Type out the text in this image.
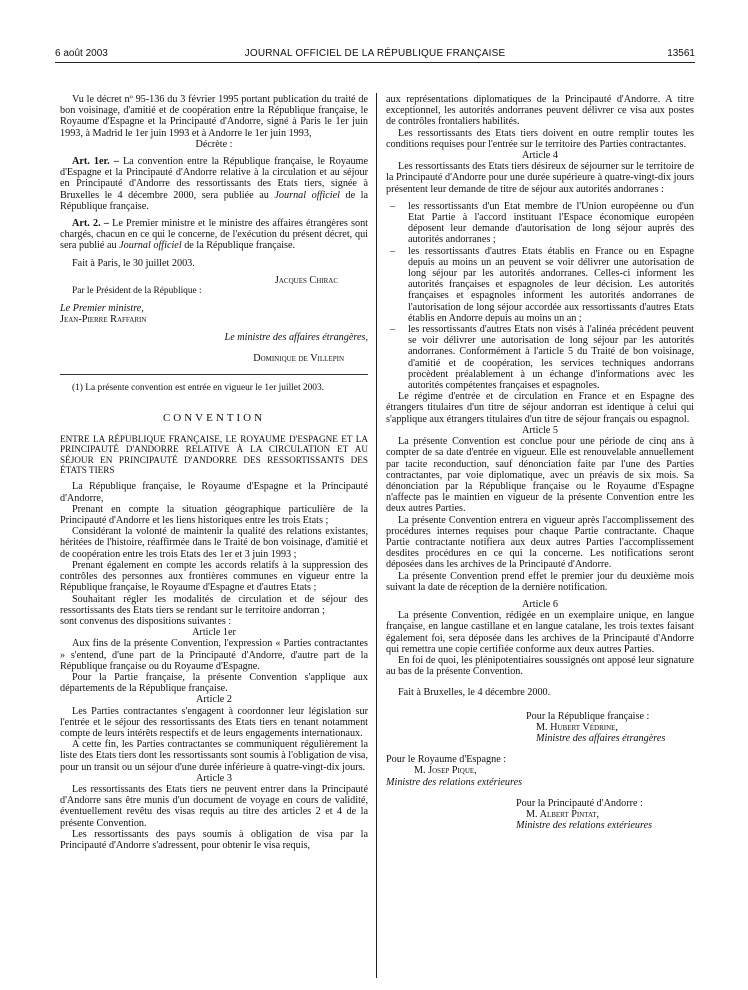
6 août 2003	JOURNAL OFFICIEL DE LA RÉPUBLIQUE FRANÇAISE	13561

Vu le décret nº 95-136 du 3 février 1995 portant publication du traité de bon voisinage, d'amitié et de coopération entre la République française, le Royaume d'Espagne et la Principauté d'Andorre, signé à Paris le 1er juin 1993, à Madrid le 1er juin 1993 et à Andorre le 1er juin 1993,

Décrète :

Art. 1er. – La convention entre la République française, le Royaume d'Espagne et la Principauté d'Andorre relative à la circulation et au séjour en Principauté d'Andorre des ressortissants des Etats tiers, signée à Bruxelles le 4 décembre 2000, sera publiée au Journal officiel de la République française.

Art. 2. – Le Premier ministre et le ministre des affaires étrangères sont chargés, chacun en ce qui le concerne, de l'exécution du présent décret, qui sera publié au Journal officiel de la République française.

Fait à Paris, le 30 juillet 2003.

Jacques Chirac

Par le Président de la République :

Le Premier ministre,

Jean-Pierre Raffarin

Le ministre des affaires étrangères,

Dominique de Villepin

(1) La présente convention est entrée en vigueur le 1er juillet 2003.

CONVENTION

ENTRE LA RÉPUBLIQUE FRANÇAISE, LE ROYAUME D'ESPAGNE ET LA PRINCIPAUTÉ D'ANDORRE RELATIVE À LA CIRCULATION ET AU SÉJOUR EN PRINCIPAUTÉ D'ANDORRE DES RESSORTISSANTS DES ÉTATS TIERS

La République française, le Royaume d'Espagne et la Principauté d'Andorre,

Prenant en compte la situation géographique particulière de la Principauté d'Andorre et les liens historiques entre les trois Etats ;

Considérant la volonté de maintenir la qualité des relations existantes, héritées de l'histoire, réaffirmée dans le Traité de bon voisinage, d'amitié et de coopération entre les trois Etats des 1er et 3 juin 1993 ;

Prenant également en compte les accords relatifs à la suppression des contrôles des personnes aux frontières communes en vigueur entre la République française, le Royaume d'Espagne et d'autres Etats ;

Souhaitant régler les modalités de circulation et de séjour des ressortissants des Etats tiers se rendant sur le territoire andorran ;

sont convenus des dispositions suivantes :

Article 1er

Aux fins de la présente Convention, l'expression « Parties contractantes » s'entend, d'une part de la Principauté d'Andorre, d'autre part de la République française ou du Royaume d'Espagne.

Pour la Partie française, la présente Convention s'applique aux départements de la République française.

Article 2

Les Parties contractantes s'engagent à coordonner leur législation sur l'entrée et le séjour des ressortissants des Etats tiers en tenant notamment compte de leurs intérêts respectifs et de leurs engagements internationaux.

A cette fin, les Parties contractantes se communiquent régulièrement la liste des Etats tiers dont les ressortissants sont soumis à l'obligation de visa, pour un transit ou un séjour d'une durée inférieure à quatre-vingt-dix jours.

Article 3

Les ressortissants des Etats tiers ne peuvent entrer dans la Principauté d'Andorre sans être munis d'un document de voyage en cours de validité, éventuellement revêtu des visas requis au titre des articles 2 et 4 de la présente Convention.

Les ressortissants des pays soumis à obligation de visa par la Principauté d'Andorre s'adressent, pour obtenir le visa requis,

aux représentations diplomatiques de la Principauté d'Andorre. A titre exceptionnel, les autorités andorranes peuvent délivrer ce visa aux postes de contrôles frontaliers habilités.

Les ressortissants des Etats tiers doivent en outre remplir toutes les conditions requises pour l'entrée sur le territoire des Parties contractantes.

Article 4

Les ressortissants des Etats tiers désireux de séjourner sur le territoire de la Principauté d'Andorre pour une durée supérieure à quatre-vingt-dix jours présentent leur demande de titre de séjour aux autorités andorranes :

– les ressortissants d'un Etat membre de l'Union européenne ou d'un Etat Partie à l'accord instituant l'Espace économique européen déposent leur demande d'autorisation de long séjour auprès des autorités andorranes ;
– les ressortissants d'autres Etats établis en France ou en Espagne depuis au moins un an peuvent se voir délivrer une autorisation de long séjour par les autorités andorranes. Celles-ci informent les autorités françaises et espagnoles de leur décision. Les autorités françaises et espagnoles informent les autorités andorranes de l'autorisation de long séjour accordée aux ressortissants d'autres Etats établis en Andorre depuis au moins un an ;
– les ressortissants d'autres Etats non visés à l'alinéa précédent peuvent se voir délivrer une autorisation de long séjour par les autorités andorranes. Conformément à l'article 5 du Traité de bon voisinage, d'amitié et de coopération, les services techniques andorrans procèdent préalablement à un échange d'informations avec les autorités compétentes françaises et espagnoles.

Le régime d'entrée et de circulation en France et en Espagne des étrangers titulaires d'un titre de séjour andorran est identique à celui qui s'applique aux étrangers titulaires d'un titre de séjour français ou espagnol.

Article 5

La présente Convention est conclue pour une période de cinq ans à compter de sa date d'entrée en vigueur. Elle est renouvelable annuellement par tacite reconduction, sauf dénonciation faite par l'une des Parties contractantes, par voie diplomatique, avec un préavis de six mois. Sa dénonciation par la République française ou le Royaume d'Espagne n'affecte pas le maintien en vigueur de la présente Convention entre les deux autres Parties.

La présente Convention entrera en vigueur après l'accomplissement des procédures internes requises pour chaque Partie contractante. Chaque Partie contractante notifiera aux deux autres Parties l'accomplissement desdites procédures en ce qui la concerne. Les notifications seront déposées dans les archives de la Principauté d'Andorre.

La présente Convention prend effet le premier jour du deuxième mois suivant la date de réception de la dernière notification.

Article 6

La présente Convention, rédigée en un exemplaire unique, en langue française, en langue castillane et en langue catalane, les trois textes faisant également foi, sera déposée dans les archives de la Principauté d'Andorre qui remettra une copie certifiée conforme aux deux autres Parties.

En foi de quoi, les plénipotentiaires soussignés ont apposé leur signature au bas de la présente Convention.

Fait à Bruxelles, le 4 décembre 2000.

Pour la République française :

M. Hubert Védrine,

Ministre des affaires étrangères

Pour le Royaume d'Espagne :

M. Josep Pique,

Ministre des relations extérieures

Pour la Principauté d'Andorre :

M. Albert Pintat,

Ministre des relations extérieures
